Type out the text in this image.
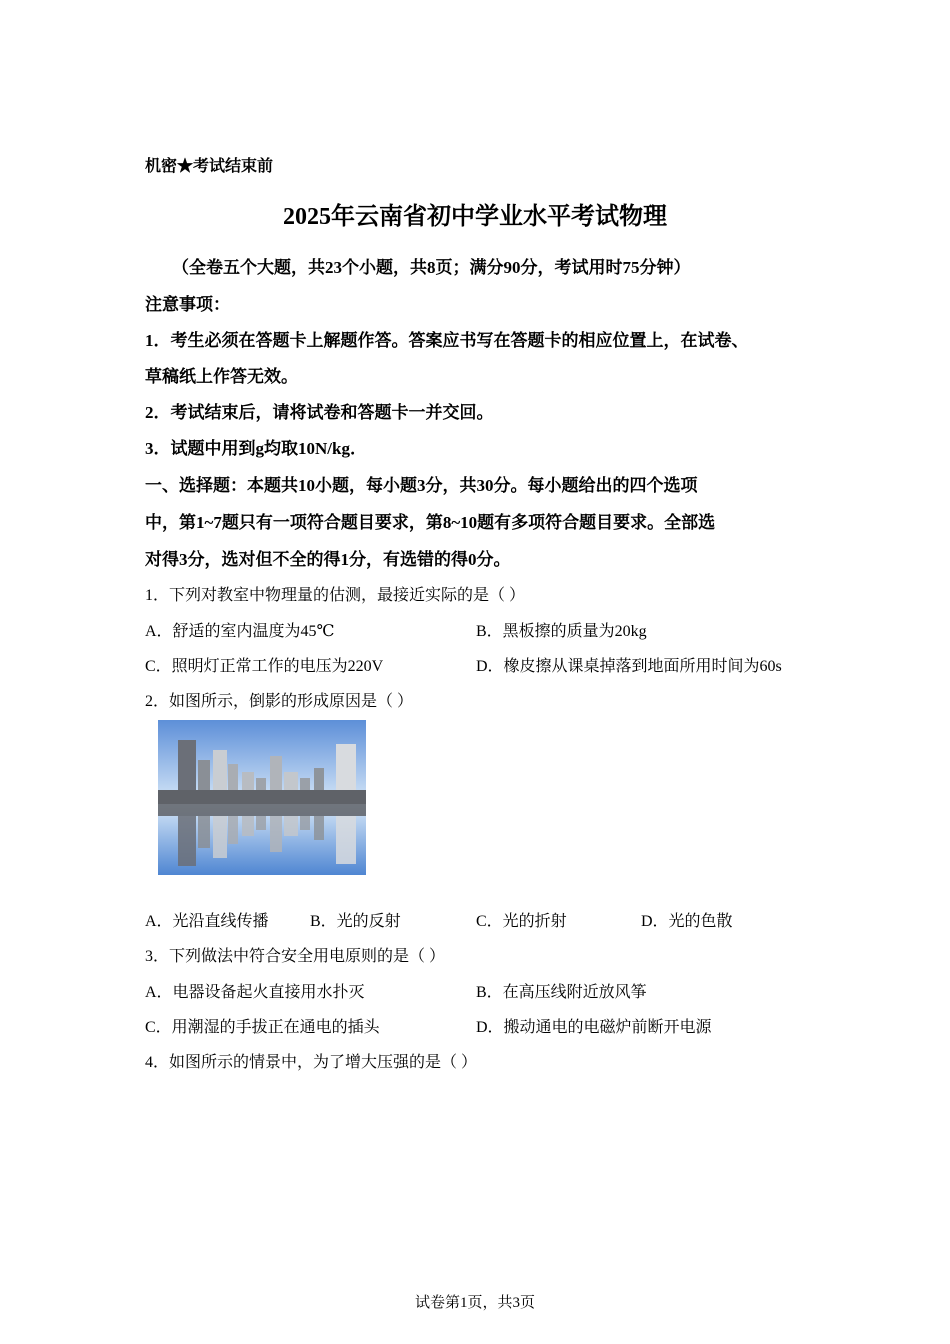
机密★考试结束前
2025年云南省初中学业水平考试物理
（全卷五个大题，共23个小题，共8页；满分90分，考试用时75分钟）
注意事项：
1．考生必须在答题卡上解题作答。答案应书写在答题卡的相应位置上，在试卷、
草稿纸上作答无效。
2．考试结束后，请将试卷和答题卡一并交回。
3．试题中用到g均取10N/kg．
一、选择题：本题共10小题，每小题3分，共30分。每小题给出的四个选项
中，第1~7题只有一项符合题目要求，第8~10题有多项符合题目要求。全部选
对得3分，选对但不全的得1分，有选错的得0分。
1．下列对教室中物理量的估测，最接近实际的是（ ）
A．舒适的室内温度为45℃	B．黑板擦的质量为20kg
C．照明灯正常工作的电压为220V	D．橡皮擦从课桌掉落到地面所用时间为60s
2．如图所示，倒影的形成原因是（ ）
A．光沿直线传播	B．光的反射	C．光的折射	D．光的色散
3．下列做法中符合安全用电原则的是（ ）
A．电器设备起火直接用水扑灭	B．在高压线附近放风筝
C．用潮湿的手拔正在通电的插头	D．搬动通电的电磁炉前断开电源
4．如图所示的情景中，为了增大压强的是（ ）
试卷第1页，共3页
